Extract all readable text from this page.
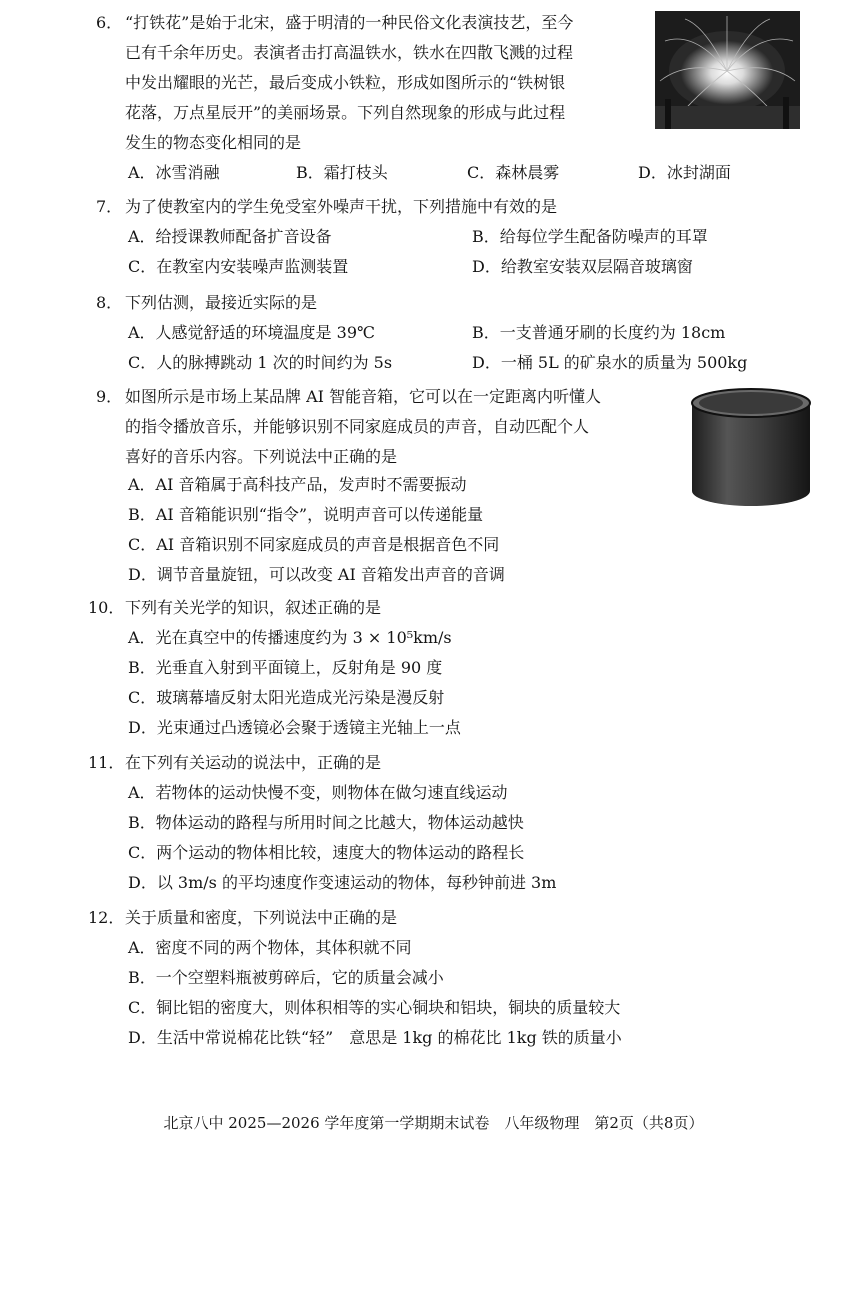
6． “打铁花”是始于北宋，盛于明清的一种民俗文化表演技艺，至今
已有千余年历史。表演者击打高温铁水，铁水在四散飞溅的过程
中发出耀眼的光芒，最后变成小铁粒，形成如图所示的“铁树银
花落，万点星辰开”的美丽场景。下列自然现象的形成与此过程
发生的物态变化相同的是
A．冰雪消融	B．霜打枝头	C．森林晨雾	D．冰封湖面
7． 为了使教室内的学生免受室外噪声干扰，下列措施中有效的是
A．给授课教师配备扩音设备	B．给每位学生配备防噪声的耳罩
C．在教室内安装噪声监测装置	D．给教室安装双层隔音玻璃窗
8． 下列估测，最接近实际的是
A．人感觉舒适的环境温度是 39℃	B．一支普通牙刷的长度约为 18cm
C．人的脉搏跳动 1 次的时间约为 5s	D．一桶 5L 的矿泉水的质量为 500kg
9． 如图所示是市场上某品牌 AI 智能音箱，它可以在一定距离内听懂人
的指令播放音乐，并能够识别不同家庭成员的声音，自动匹配个人
喜好的音乐内容。下列说法中正确的是
A．AI 音箱属于高科技产品，发声时不需要振动
B．AI 音箱能识别“指令”，说明声音可以传递能量
C．AI 音箱识别不同家庭成员的声音是根据音色不同
D．调节音量旋钮，可以改变 AI 音箱发出声音的音调
10． 下列有关光学的知识，叙述正确的是
A．光在真空中的传播速度约为 3 × 10⁵km/s
B．光垂直入射到平面镜上，反射角是 90 度
C．玻璃幕墙反射太阳光造成光污染是漫反射
D．光束通过凸透镜必会聚于透镜主光轴上一点
11． 在下列有关运动的说法中，正确的是
A．若物体的运动快慢不变，则物体在做匀速直线运动
B．物体运动的路程与所用时间之比越大，物体运动越快
C．两个运动的物体相比较，速度大的物体运动的路程长
D．以 3m/s 的平均速度作变速运动的物体，每秒钟前进 3m
12． 关于质量和密度，下列说法中正确的是
A．密度不同的两个物体，其体积就不同
B．一个空塑料瓶被剪碎后，它的质量会减小
C．铜比铝的密度大，则体积相等的实心铜块和铝块，铜块的质量较大
D．生活中常说棉花比铁“轻”　意思是 1kg 的棉花比 1kg 铁的质量小
北京八中 2025—2026 学年度第一学期期末试卷　八年级物理　第2页（共8页）
